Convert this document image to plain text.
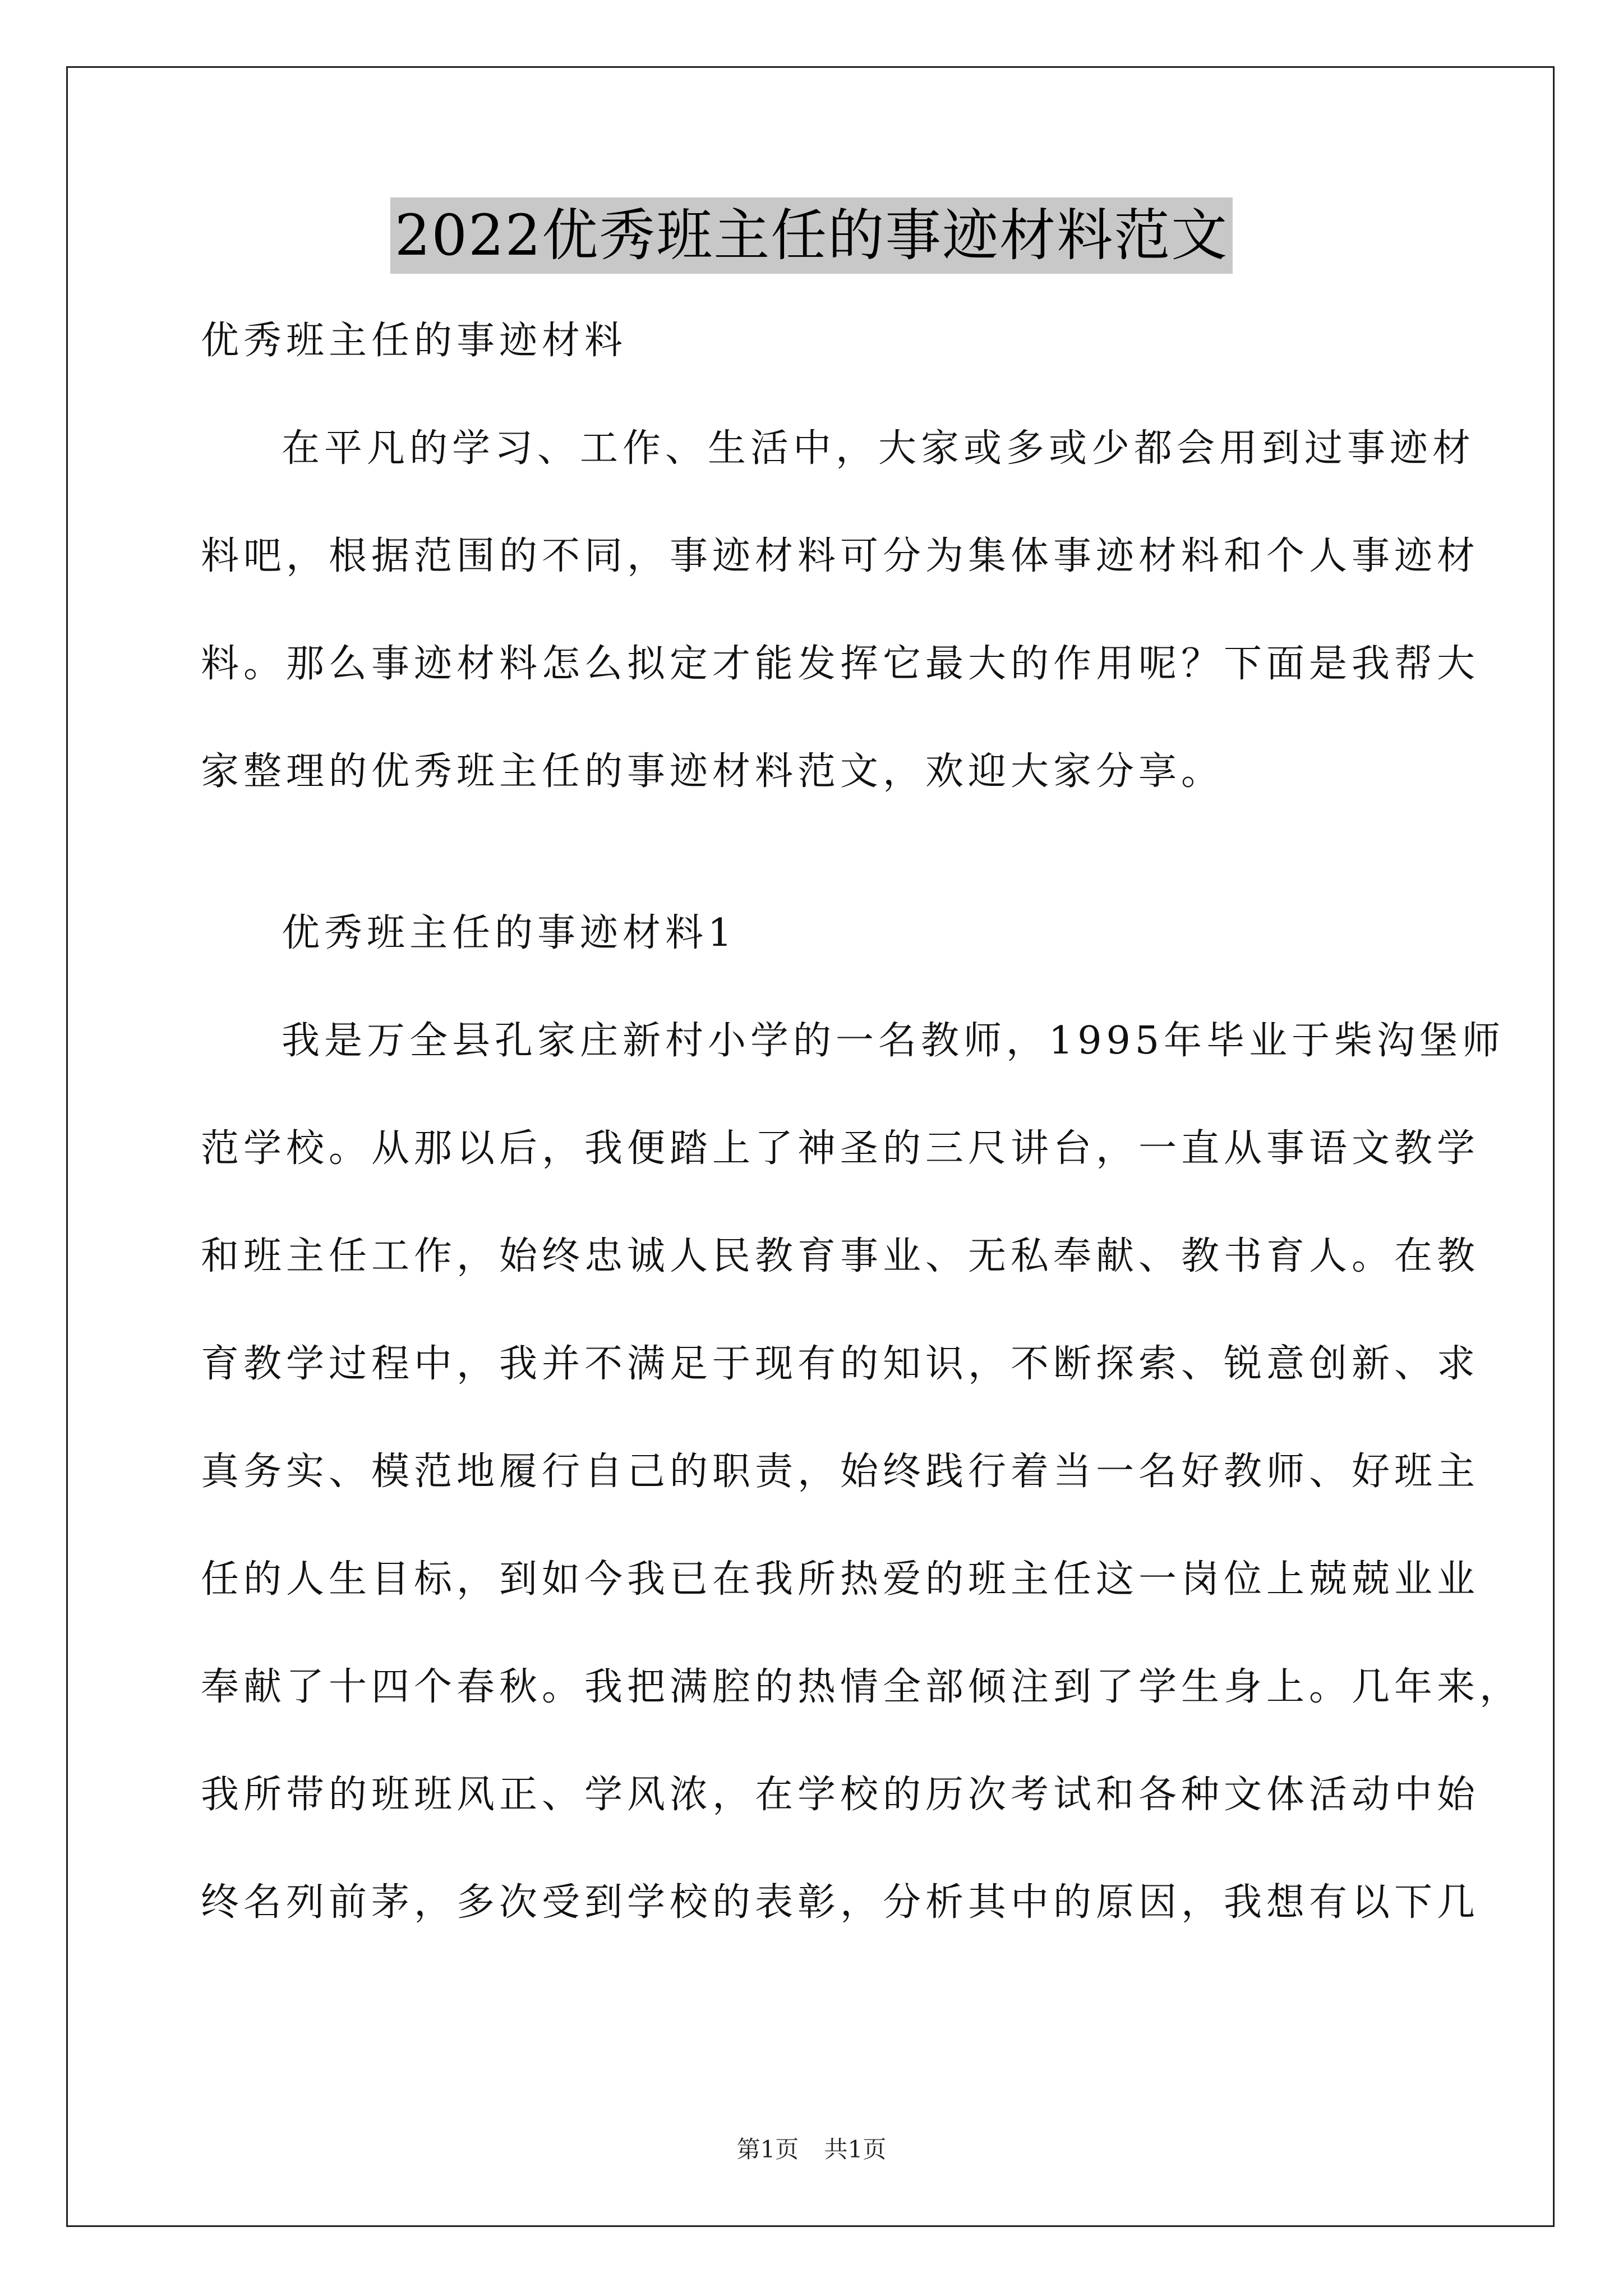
2022优秀班主任的事迹材料范文
优秀班主任的事迹材料
在平凡的学习、工作、生活中，大家或多或少都会用到过事迹材
料吧，根据范围的不同，事迹材料可分为集体事迹材料和个人事迹材
料。那么事迹材料怎么拟定才能发挥它最大的作用呢？下面是我帮大
家整理的优秀班主任的事迹材料范文，欢迎大家分享。
优秀班主任的事迹材料1
我是万全县孔家庄新村小学的一名教师，1995年毕业于柴沟堡师
范学校。从那以后，我便踏上了神圣的三尺讲台，一直从事语文教学
和班主任工作，始终忠诚人民教育事业、无私奉献、教书育人。在教
育教学过程中，我并不满足于现有的知识，不断探索、锐意创新、求
真务实、模范地履行自己的职责，始终践行着当一名好教师、好班主
任的人生目标，到如今我已在我所热爱的班主任这一岗位上兢兢业业
奉献了十四个春秋。我把满腔的热情全部倾注到了学生身上。几年来，
我所带的班班风正、学风浓，在学校的历次考试和各种文体活动中始
终名列前茅，多次受到学校的表彰，分析其中的原因，我想有以下几
第1页 共1页
